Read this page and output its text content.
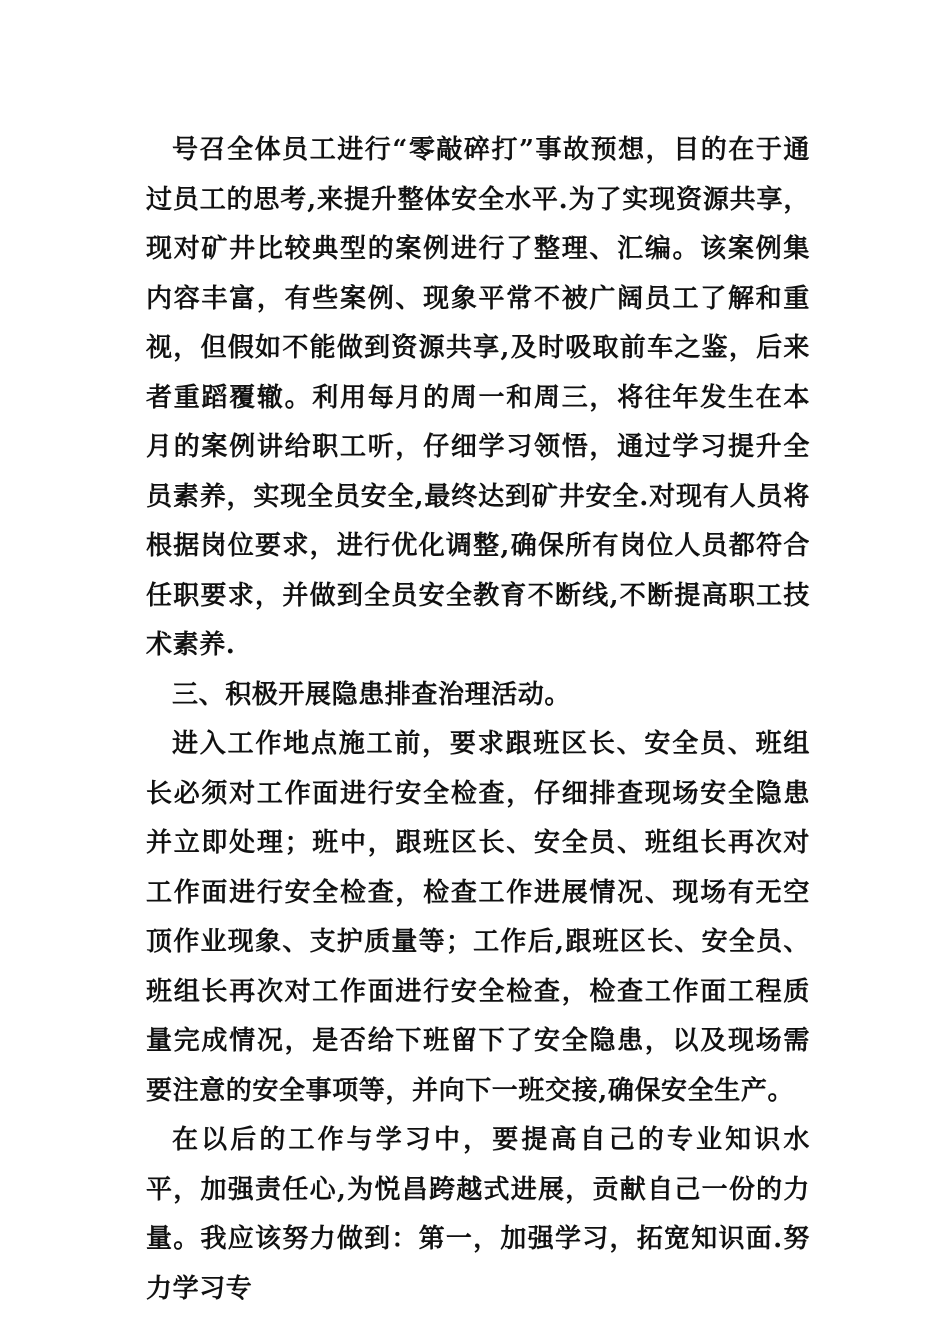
号召全体员工进行“零敲碎打”事故预想，目的在于通过员工的思考,来提升整体安全水平.为了实现资源共享，现对矿井比较典型的案例进行了整理、汇编。该案例集内容丰富，有些案例、现象平常不被广阔员工了解和重视，但假如不能做到资源共享,及时吸取前车之鉴，后来者重蹈覆辙。利用每月的周一和周三，将往年发生在本月的案例讲给职工听，仔细学习领悟，通过学习提升全员素养，实现全员安全,最终达到矿井安全.对现有人员将根据岗位要求，进行优化调整,确保所有岗位人员都符合任职要求，并做到全员安全教育不断线,不断提高职工技术素养.

三、积极开展隐患排查治理活动。

进入工作地点施工前，要求跟班区长、安全员、班组长必须对工作面进行安全检查，仔细排查现场安全隐患并立即处理；班中，跟班区长、安全员、班组长再次对工作面进行安全检查，检查工作进展情况、现场有无空顶作业现象、支护质量等；工作后,跟班区长、安全员、班组长再次对工作面进行安全检查，检查工作面工程质量完成情况，是否给下班留下了安全隐患，以及现场需要注意的安全事项等，并向下一班交接,确保安全生产。

在以后的工作与学习中，要提高自己的专业知识水平，加强责任心,为悦昌跨越式进展，贡献自己一份的力量。我应该努力做到：第一，加强学习，拓宽知识面.努力学习专
